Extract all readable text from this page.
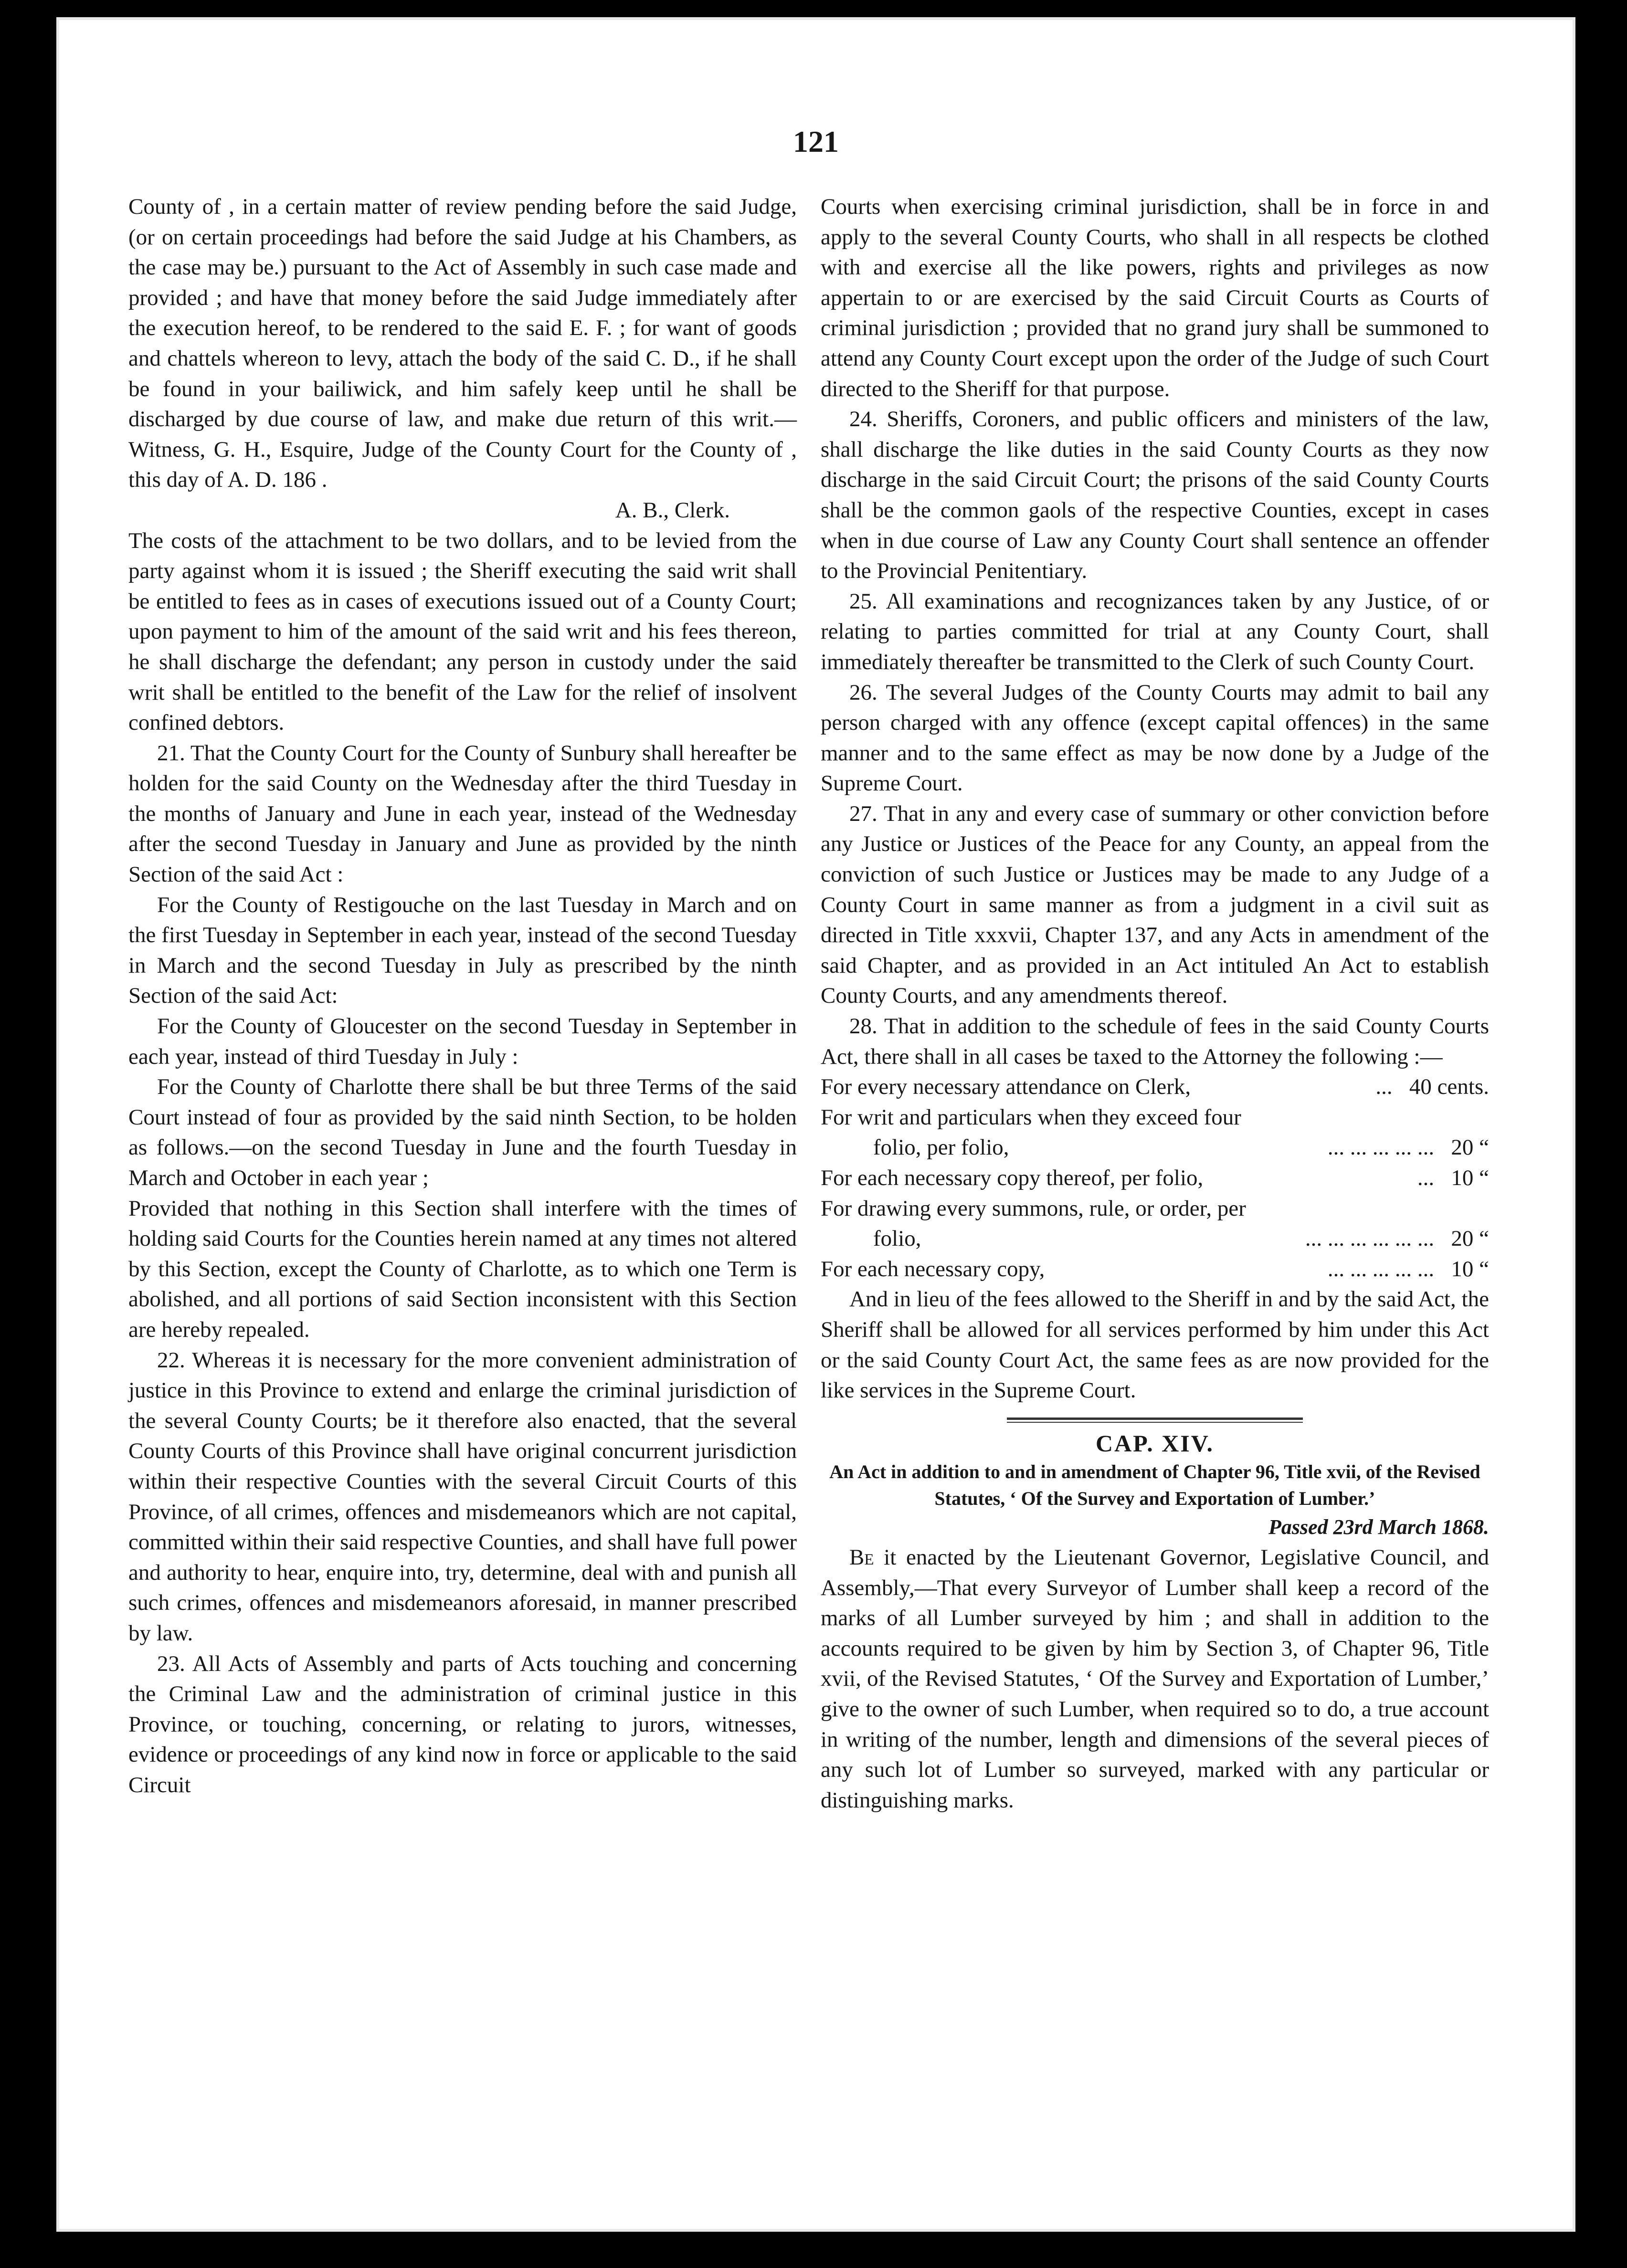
121

County of , in a certain matter of review pending before the said Judge, (or on certain proceedings had before the said Judge at his Chambers, as the case may be.) pursuant to the Act of Assembly in such case made and provided ; and have that money before the said Judge immediately after the execution hereof, to be rendered to the said E. F. ; for want of goods and chattels whereon to levy, attach the body of the said C. D., if he shall be found in your bailiwick, and him safely keep until he shall be discharged by due course of law, and make due return of this writ.—Witness, G. H., Esquire, Judge of the County Court for the County of , this day of A. D. 186 .

A. B., Clerk.

The costs of the attachment to be two dollars, and to be levied from the party against whom it is issued ; the Sheriff executing the said writ shall be entitled to fees as in cases of executions issued out of a County Court; upon payment to him of the amount of the said writ and his fees thereon, he shall discharge the defendant; any person in custody under the said writ shall be entitled to the benefit of the Law for the relief of insolvent confined debtors.

21. That the County Court for the County of Sunbury shall hereafter be holden for the said County on the Wednesday after the third Tuesday in the months of January and June in each year, instead of the Wednesday after the second Tuesday in January and June as provided by the ninth Section of the said Act :

For the County of Restigouche on the last Tuesday in March and on the first Tuesday in September in each year, instead of the second Tuesday in March and the second Tuesday in July as prescribed by the ninth Section of the said Act:

For the County of Gloucester on the second Tuesday in September in each year, instead of third Tuesday in July :

For the County of Charlotte there shall be but three Terms of the said Court instead of four as provided by the said ninth Section, to be holden as follows.—on the second Tuesday in June and the fourth Tuesday in March and October in each year ;

Provided that nothing in this Section shall interfere with the times of holding said Courts for the Counties herein named at any times not altered by this Section, except the County of Charlotte, as to which one Term is abolished, and all portions of said Section inconsistent with this Section are hereby repealed.

22. Whereas it is necessary for the more convenient administration of justice in this Province to extend and enlarge the criminal jurisdiction of the several County Courts; be it therefore also enacted, that the several County Courts of this Province shall have original concurrent jurisdiction within their respective Counties with the several Circuit Courts of this Province, of all crimes, offences and misdemeanors which are not capital, committed within their said respective Counties, and shall have full power and authority to hear, enquire into, try, determine, deal with and punish all such crimes, offences and misdemeanors aforesaid, in manner prescribed by law.

23. All Acts of Assembly and parts of Acts touching and concerning the Criminal Law and the administration of criminal justice in this Province, or touching, concerning, or relating to jurors, witnesses, evidence or proceedings of any kind now in force or applicable to the said Circuit

Courts when exercising criminal jurisdiction, shall be in force in and apply to the several County Courts, who shall in all respects be clothed with and exercise all the like powers, rights and privileges as now appertain to or are exercised by the said Circuit Courts as Courts of criminal jurisdiction ; provided that no grand jury shall be summoned to attend any County Court except upon the order of the Judge of such Court directed to the Sheriff for that purpose.

24. Sheriffs, Coroners, and public officers and ministers of the law, shall discharge the like duties in the said County Courts as they now discharge in the said Circuit Court; the prisons of the said County Courts shall be the common gaols of the respective Counties, except in cases when in due course of Law any County Court shall sentence an offender to the Provincial Penitentiary.

25. All examinations and recognizances taken by any Justice, of or relating to parties committed for trial at any County Court, shall immediately thereafter be transmitted to the Clerk of such County Court.

26. The several Judges of the County Courts may admit to bail any person charged with any offence (except capital offences) in the same manner and to the same effect as may be now done by a Judge of the Supreme Court.

27. That in any and every case of summary or other conviction before any Justice or Justices of the Peace for any County, an appeal from the conviction of such Justice or Justices may be made to any Judge of a County Court in same manner as from a judgment in a civil suit as directed in Title xxxvii, Chapter 137, and any Acts in amendment of the said Chapter, and as provided in an Act intituled An Act to establish County Courts, and any amendments thereof.

28. That in addition to the schedule of fees in the said County Courts Act, there shall in all cases be taxed to the Attorney the following :—

For every necessary attendance on Clerk,	... 40 cents.
For writ and particulars when they exceed four
folio, per folio,	... ... ... ... ... 20 “
For each necessary copy thereof, per folio,	... 10 “
For drawing every summons, rule, or order, per
folio,	... ... ... ... ... ... 20 “
For each necessary copy,	... ... ... ... ... 10 “

And in lieu of the fees allowed to the Sheriff in and by the said Act, the Sheriff shall be allowed for all services performed by him under this Act or the said County Court Act, the same fees as are now provided for the like services in the Supreme Court.

CAP. XIV.

An Act in addition to and in amendment of Chapter 96, Title xvii, of the Revised Statutes, ‘ Of the Survey and Exportation of Lumber.’

Passed 23rd March 1868.

Be it enacted by the Lieutenant Governor, Legislative Council, and Assembly,—That every Surveyor of Lumber shall keep a record of the marks of all Lumber surveyed by him ; and shall in addition to the accounts required to be given by him by Section 3, of Chapter 96, Title xvii, of the Revised Statutes, ‘ Of the Survey and Exportation of Lumber,’ give to the owner of such Lumber, when required so to do, a true account in writing of the number, length and dimensions of the several pieces of any such lot of Lumber so surveyed, marked with any particular or distinguishing marks.
